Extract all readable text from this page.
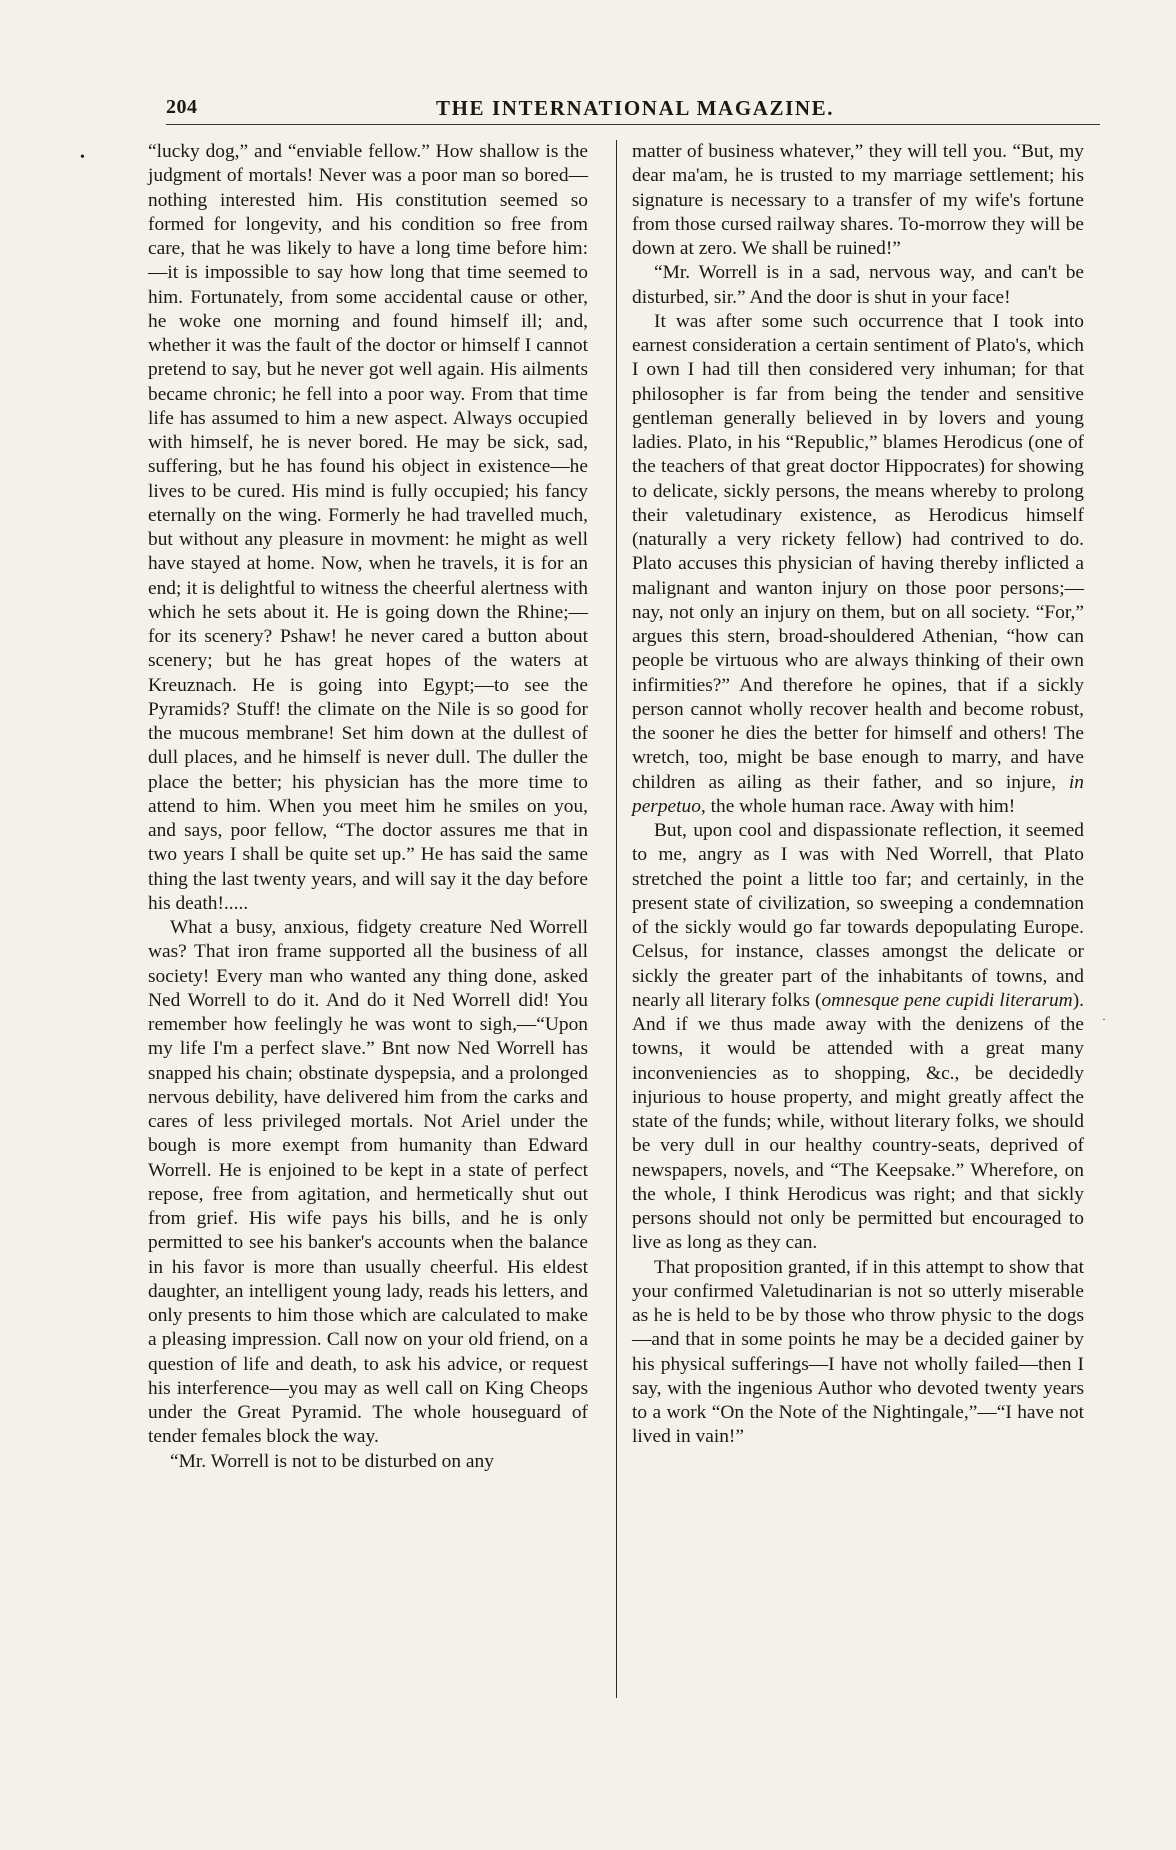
204	THE INTERNATIONAL MAGAZINE.
•
·

“lucky dog,” and “enviable fellow.” How shallow is the judgment of mortals! Never was a poor man so bored—nothing interested him. His constitution seemed so formed for longevity, and his condition so free from care, that he was likely to have a long time before him:—it is impossible to say how long that time seemed to him. Fortunately, from some accidental cause or other, he woke one morning and found himself ill; and, whether it was the fault of the doctor or himself I cannot pretend to say, but he never got well again. His ailments became chronic; he fell into a poor way. From that time life has assumed to him a new aspect. Always occupied with himself, he is never bored. He may be sick, sad, suffering, but he has found his object in existence—he lives to be cured. His mind is fully occupied; his fancy eternally on the wing. Formerly he had travelled much, but without any pleasure in movment: he might as well have stayed at home. Now, when he travels, it is for an end; it is delightful to witness the cheerful alertness with which he sets about it. He is going down the Rhine;—for its scenery? Pshaw! he never cared a button about scenery; but he has great hopes of the waters at Kreuznach. He is going into Egypt;—to see the Pyramids? Stuff! the climate on the Nile is so good for the mucous membrane! Set him down at the dullest of dull places, and he himself is never dull. The duller the place the better; his physician has the more time to attend to him. When you meet him he smiles on you, and says, poor fellow, “The doctor assures me that in two years I shall be quite set up.” He has said the same thing the last twenty years, and will say it the day before his death!.....

What a busy, anxious, fidgety creature Ned Worrell was? That iron frame supported all the business of all society! Every man who wanted any thing done, asked Ned Worrell to do it. And do it Ned Worrell did! You remember how feelingly he was wont to sigh,—“Upon my life I'm a perfect slave.” Bnt now Ned Worrell has snapped his chain; obstinate dyspepsia, and a prolonged nervous debility, have delivered him from the carks and cares of less privileged mortals. Not Ariel under the bough is more exempt from humanity than Edward Worrell. He is enjoined to be kept in a state of perfect repose, free from agitation, and hermetically shut out from grief. His wife pays his bills, and he is only permitted to see his banker's accounts when the balance in his favor is more than usually cheerful. His eldest daughter, an intelligent young lady, reads his letters, and only presents to him those which are calculated to make a pleasing impression. Call now on your old friend, on a question of life and death, to ask his advice, or request his interference—you may as well call on King Cheops under the Great Pyramid. The whole houseguard of tender females block the way.

“Mr. Worrell is not to be disturbed on any

matter of business whatever,” they will tell you. “But, my dear ma'am, he is trusted to my marriage settlement; his signature is necessary to a transfer of my wife's fortune from those cursed railway shares. To-morrow they will be down at zero. We shall be ruined!”

“Mr. Worrell is in a sad, nervous way, and can't be disturbed, sir.” And the door is shut in your face!

It was after some such occurrence that I took into earnest consideration a certain sentiment of Plato's, which I own I had till then considered very inhuman; for that philosopher is far from being the tender and sensitive gentleman generally believed in by lovers and young ladies. Plato, in his “Republic,” blames Herodicus (one of the teachers of that great doctor Hippocrates) for showing to delicate, sickly persons, the means whereby to prolong their valetudinary existence, as Herodicus himself (naturally a very rickety fellow) had contrived to do. Plato accuses this physician of having thereby inflicted a malignant and wanton injury on those poor persons;—nay, not only an injury on them, but on all society. “For,” argues this stern, broad-shouldered Athenian, “how can people be virtuous who are always thinking of their own infirmities?” And therefore he opines, that if a sickly person cannot wholly recover health and become robust, the sooner he dies the better for himself and others! The wretch, too, might be base enough to marry, and have children as ailing as their father, and so injure, in perpetuo, the whole human race. Away with him!

But, upon cool and dispassionate reflection, it seemed to me, angry as I was with Ned Worrell, that Plato stretched the point a little too far; and certainly, in the present state of civilization, so sweeping a condemnation of the sickly would go far towards depopulating Europe. Celsus, for instance, classes amongst the delicate or sickly the greater part of the inhabitants of towns, and nearly all literary folks (omnesque pene cupidi literarum). And if we thus made away with the denizens of the towns, it would be attended with a great many inconveniencies as to shopping, &c., be decidedly injurious to house property, and might greatly affect the state of the funds; while, without literary folks, we should be very dull in our healthy country-seats, deprived of newspapers, novels, and “The Keepsake.” Wherefore, on the whole, I think Herodicus was right; and that sickly persons should not only be permitted but encouraged to live as long as they can.

That proposition granted, if in this attempt to show that your confirmed Valetudinarian is not so utterly miserable as he is held to be by those who throw physic to the dogs—and that in some points he may be a decided gainer by his physical sufferings—I have not wholly failed—then I say, with the ingenious Author who devoted twenty years to a work “On the Note of the Nightingale,”—“I have not lived in vain!”
